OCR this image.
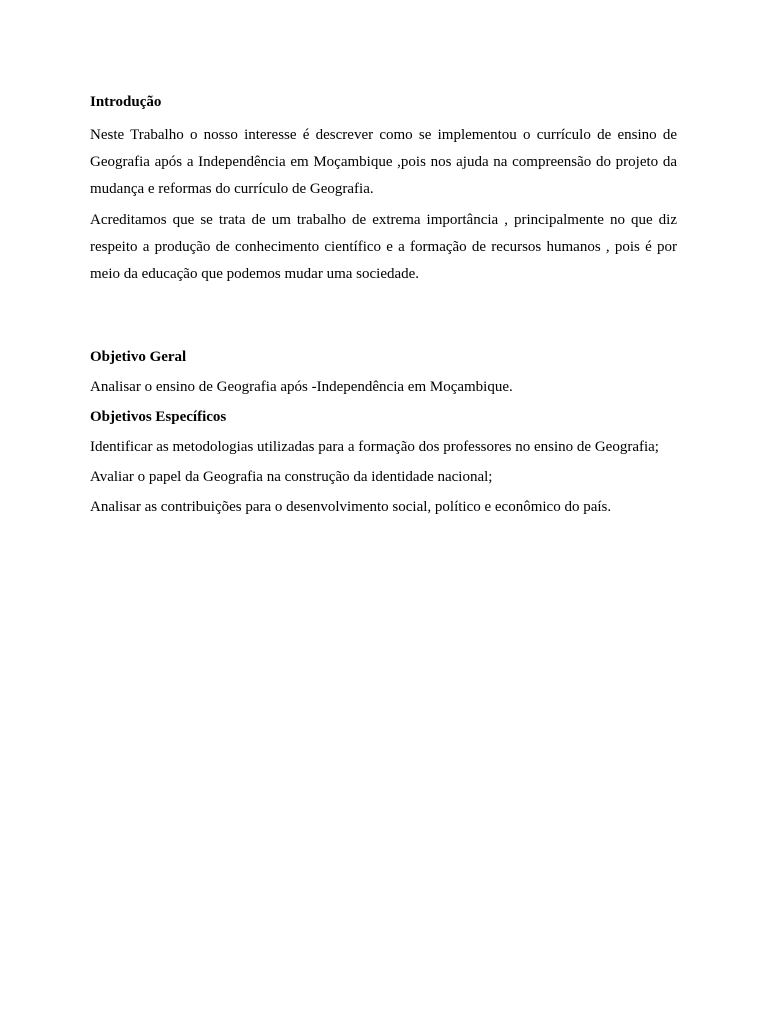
Introdução

Neste Trabalho o nosso interesse é descrever como se implementou o currículo de ensino de Geografia após a Independência em Moçambique ,pois nos ajuda na compreensão do projeto da mudança e reformas do currículo de Geografia.

Acreditamos que se trata de um trabalho de extrema importância , principalmente no que diz respeito a produção de conhecimento científico e a formação de recursos humanos , pois é por meio da educação que podemos mudar uma sociedade.

Objetivo Geral

Analisar o ensino de Geografia após -Independência em Moçambique.

Objetivos Específicos

Identificar as metodologias utilizadas para a formação dos professores no ensino de Geografia;

Avaliar o papel da Geografia na construção da identidade nacional;

Analisar as contribuições para o desenvolvimento social, político e econômico do país.
